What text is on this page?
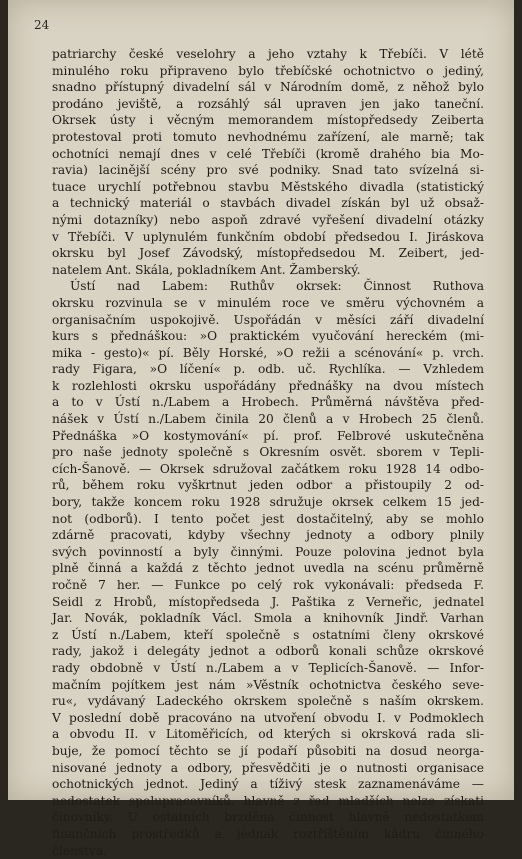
24
patriarchy české veselohry a jeho vztahy k Třebíči. V létě
minulého roku připraveno bylo třebíčské ochotnictvo o jediný,
snadno přístupný divadelní sál v Národním domě, z něhož bylo
prodáno jeviště, a rozsáhlý sál upraven jen jako taneční.
Okrsek ústy i věcným memorandem místopředsedy Zeiberta
protestoval proti tomuto nevhodnému zařízení, ale marně; tak
ochotníci nemají dnes v celé Třebíči (kromě drahého bia Mo-
ravia) lacinější scény pro své podniky. Snad tato svízelná si-
tuace urychlí potřebnou stavbu Městského divadla (statistický
a technický materiál o stavbách divadel získán byl už obsaž-
nými dotazníky) nebo aspoň zdravé vyřešení divadelní otázky
v Třebíči. V uplynulém funkčním období předsedou I. Jiráskova
okrsku byl Josef Závodský, místopředsedou M. Zeibert, jed-
natelem Ant. Skála, pokladníkem Ant. Žamberský.
Ústí nad Labem: Ruthův okrsek: Činnost Ruthova
okrsku rozvinula se v minulém roce ve směru výchovném a
organisačním uspokojivě. Uspořádán v měsíci září divadelní
kurs s přednáškou: »O praktickém vyučování hereckém (mi-
mika - gesto)« pí. Běly Horské, »O režii a scénování« p. vrch.
rady Figara, »O líčení« p. odb. uč. Rychlíka. — Vzhledem
k rozlehlosti okrsku uspořádány přednášky na dvou místech
a to v Ústí n./Labem a Hrobech. Průměrná návštěva před-
nášek v Ústí n./Labem činila 20 členů a v Hrobech 25 členů.
Přednáška »O kostymování« pí. prof. Felbrové uskutečněna
pro naše jednoty společně s Okresním osvět. sborem v Tepli-
cích-Šanově. — Okrsek sdružoval začátkem roku 1928 14 odbo-
rů, během roku vyškrtnut jeden odbor a přistoupily 2 od-
bory, takže koncem roku 1928 sdružuje okrsek celkem 15 jed-
not (odborů). I tento počet jest dostačitelný, aby se mohlo
zdárně pracovati, kdyby všechny jednoty a odbory plnily
svých povinností a byly činnými. Pouze polovina jednot byla
plně činná a každá z těchto jednot uvedla na scénu průměrně
ročně 7 her. — Funkce po celý rok vykonávali: předseda F.
Seidl z Hrobů, místopředseda J. Paštika z Verneřic, jednatel
Jar. Novák, pokladník Václ. Smola a knihovník Jindř. Varhan
z Ústí n./Labem, kteří společně s ostatními členy okrskové
rady, jakož i delegáty jednot a odborů konali schůze okrskové
rady obdobně v Ústí n./Labem a v Teplicích-Šanově. — Infor-
mačním pojítkem jest nám »Věstník ochotnictva českého seve-
ru«, vydávaný Ladeckého okrskem společně s naším okrskem.
V poslední době pracováno na utvoření obvodu I. v Podmoklech
a obvodu II. v Litoměřicích, od kterých si okrsková rada sli-
buje, že pomocí těchto se jí podaří působiti na dosud neorga-
nisované jednoty a odbory, přesvědčiti je o nutnosti organisace
ochotnických jednot. Jediný a tíživý stesk zaznamenáváme —
nedostatek spolupracovníků, hlavně z řad mladších nelze získati
činovníky. U ostatních brzděna činnost hlavně nedostatkem
finančních prostředků a jednak roztříštěním kádru činného
členstva.
